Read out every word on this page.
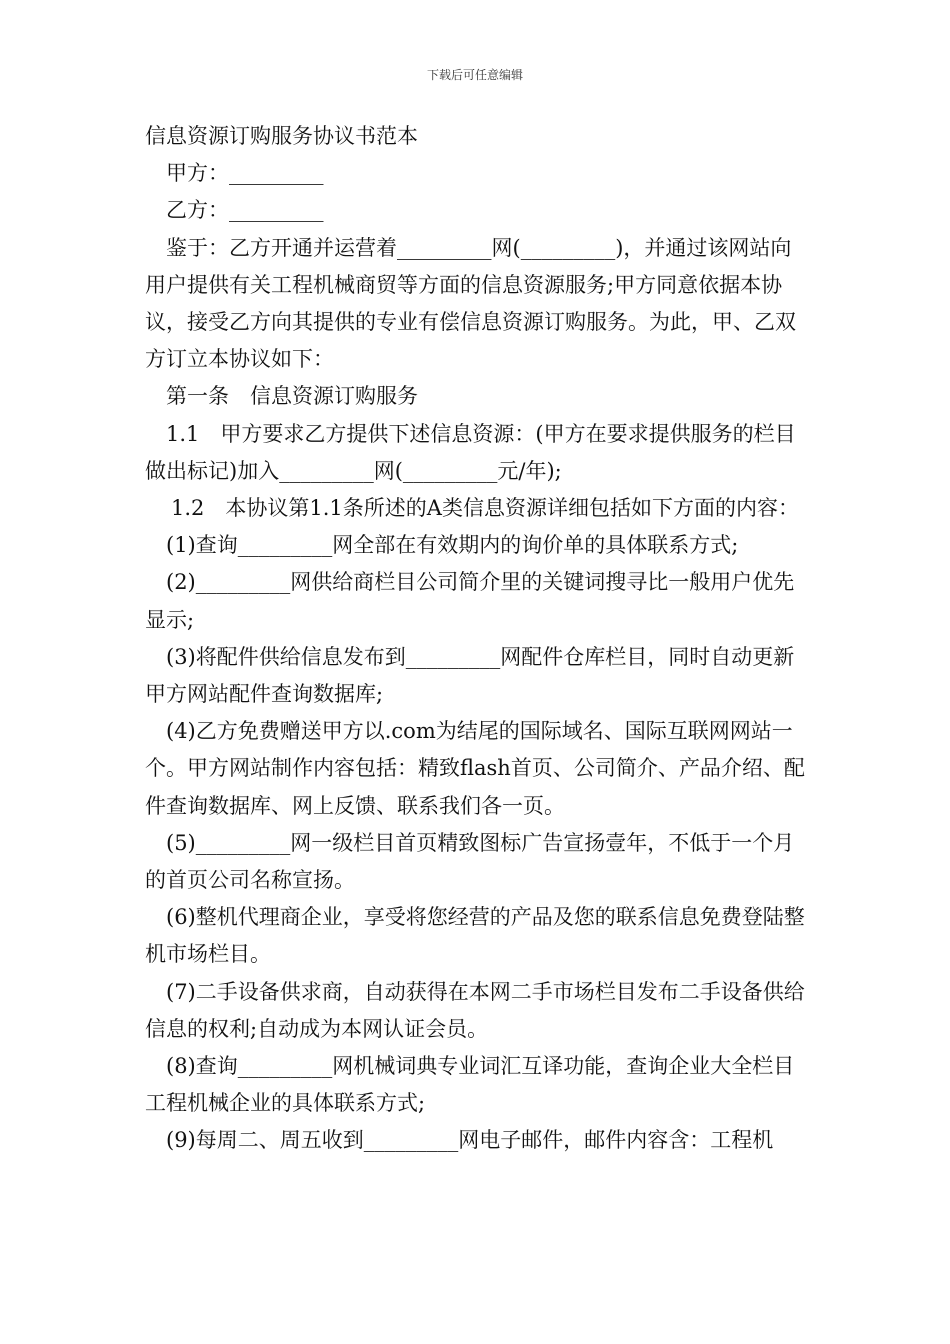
下载后可任意编辑

信息资源订购服务协议书范本

甲方：_________

乙方：_________

鉴于：乙方开通并运营着_________网(_________)，并通过该网站向用户提供有关工程机械商贸等方面的信息资源服务;甲方同意依据本协议，接受乙方向其提供的专业有偿信息资源订购服务。为此，甲、乙双方订立本协议如下：

第一条　信息资源订购服务

1.1　甲方要求乙方提供下述信息资源：(甲方在要求提供服务的栏目做出标记)加入_________网(_________元/年);

1.2　本协议第1.1条所述的A类信息资源详细包括如下方面的内容：

(1)查询_________网全部在有效期内的询价单的具体联系方式;

(2)_________网供给商栏目公司简介里的关键词搜寻比一般用户优先显示;

(3)将配件供给信息发布到_________网配件仓库栏目，同时自动更新甲方网站配件查询数据库;

(4)乙方免费赠送甲方以.com为结尾的国际域名、国际互联网网站一个。甲方网站制作内容包括：精致flash首页、公司简介、产品介绍、配件查询数据库、网上反馈、联系我们各一页。

(5)_________网一级栏目首页精致图标广告宣扬壹年，不低于一个月的首页公司名称宣扬。

(6)整机代理商企业，享受将您经营的产品及您的联系信息免费登陆整机市场栏目。

(7)二手设备供求商，自动获得在本网二手市场栏目发布二手设备供给信息的权利;自动成为本网认证会员。

(8)查询_________网机械词典专业词汇互译功能，查询企业大全栏目工程机械企业的具体联系方式;

(9)每周二、周五收到_________网电子邮件，邮件内容含：工程机
